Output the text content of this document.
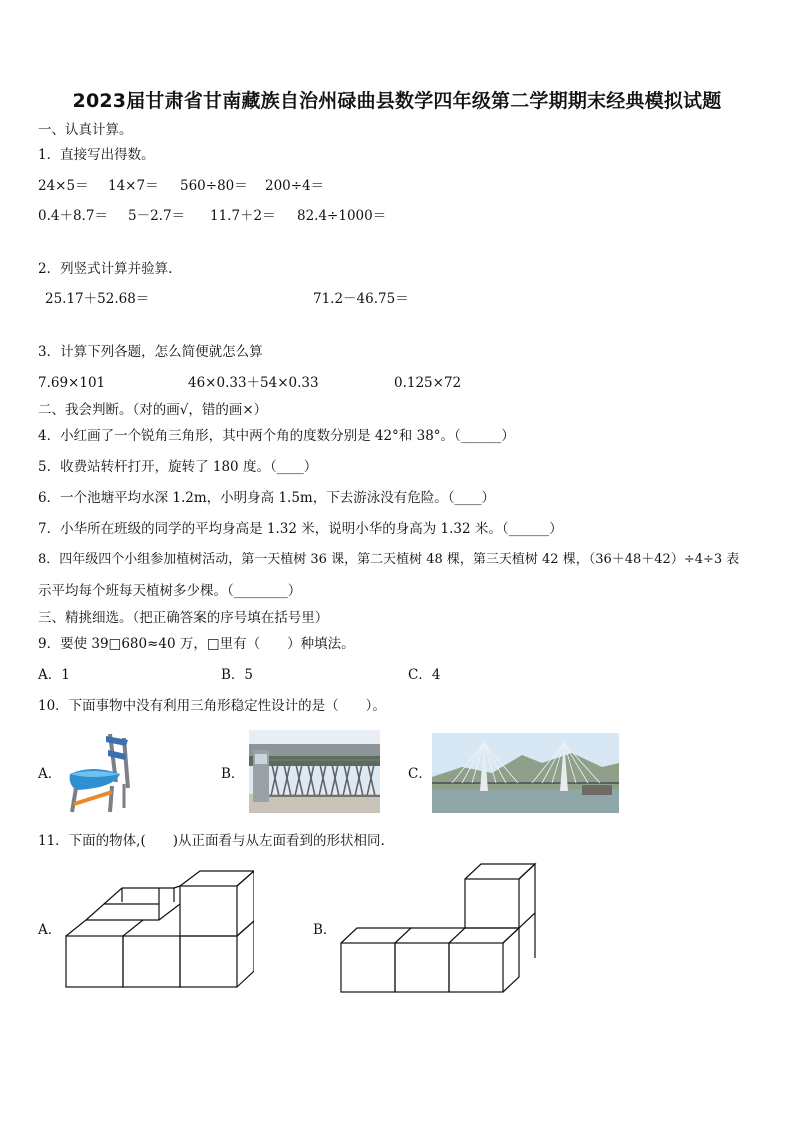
2023届甘肃省甘南藏族自治州碌曲县数学四年级第二学期期末经典模拟试题
一、认真计算。
1．直接写出得数。
24×5＝ 14×7＝ 560÷80＝ 200÷4＝
0.4＋8.7＝ 5－2.7＝ 11.7＋2＝ 82.4÷1000＝
2．列竖式计算并验算.
25.17＋52.68＝	71.2－46.75＝
3．计算下列各题，怎么简便就怎么算
7.69×101	46×0.33＋54×0.33	0.125×72
二、我会判断。（对的画√，错的画×）
4．小红画了一个锐角三角形，其中两个角的度数分别是 42°和 38°。（______）
5．收费站转杆打开，旋转了 180 度。（____）
6．一个池塘平均水深 1.2m，小明身高 1.5m，下去游泳没有危险。（____）
7．小华所在班级的同学的平均身高是 1.32 米，说明小华的身高为 1.32 米。（______）
8．四年级四个小组参加植树活动，第一天植树 36 课，第二天植树 48 棵，第三天植树 42 棵，（36＋48＋42）÷4÷3 表
示平均每个班每天植树多少棵。（________）
三、精挑细选。（把正确答案的序号填在括号里）
9．要使 39□680≈40 万，□里有（　　）种填法。
A．1	B．5	C．4
10．下面事物中没有利用三角形稳定性设计的是（　　）。
A．	B．	C．
11．下面的物体,(　　)从正面看与从左面看到的形状相同.
A．	B．
